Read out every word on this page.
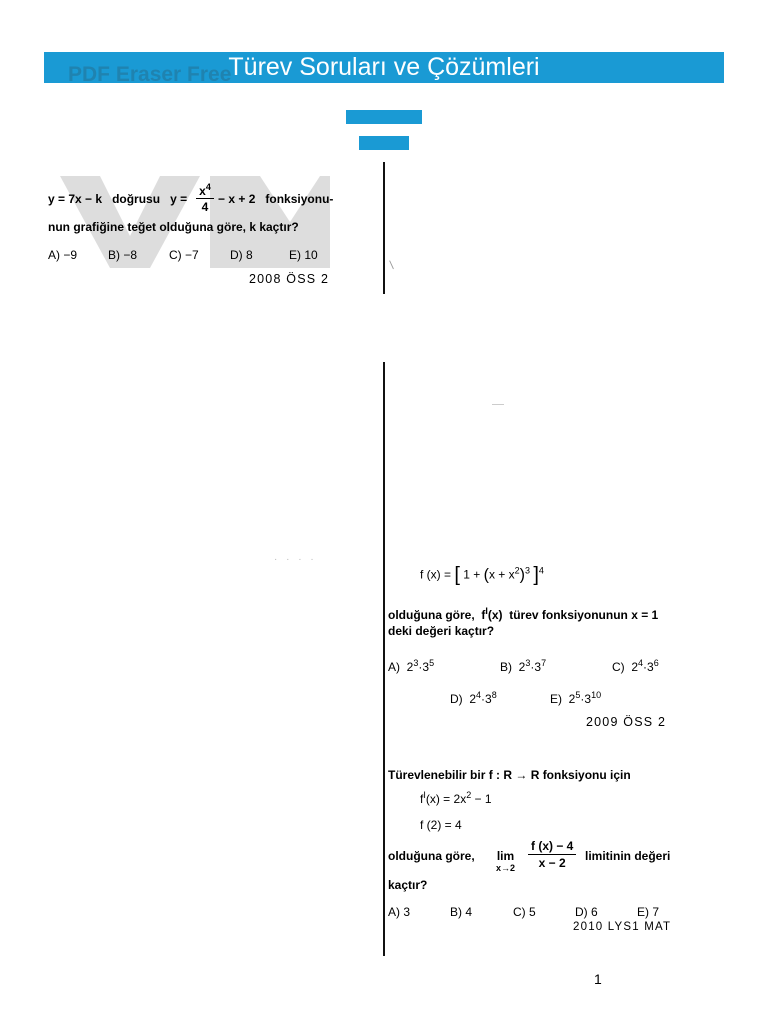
Türev Soruları ve Çözümleri
PDF Eraser Free
/
· · · ·
y = 7x − k doğrusu y =
$x^4$
4
− x + 2 fonksiyonu-
nun grafiğine teğet olduğuna göre, k kaçtır?
A) −9	B) −8	C) −7	D) 8	E) 10
2008 ÖSS 2
f (x) = [ $1 + (x + x^2)^3$ ]$^4$
olduğuna göre, $f^I(x)$ türev fonksiyonunun x = 1
deki değeri kaçtır?
A) $2^3\cdot 3^5$	B) $2^3\cdot 3^7$	C) $2^4\cdot 3^6$
D) $2^4\cdot 3^8$	E) $2^5\cdot 3^{10}$
2009 ÖSS 2
Türevlenebilir bir f : R → R fonksiyonu için
$f^I(x) = 2x^2 - 1$
f (2) = 4
olduğuna göre, lim
$x\to 2 \frac{f (x) - 4}{x - 2}$ limitinin değeri
kaçtır?
A) 3	B) 4	C) 5	D) 6	E) 7
2010 LYS1 MAT
1
